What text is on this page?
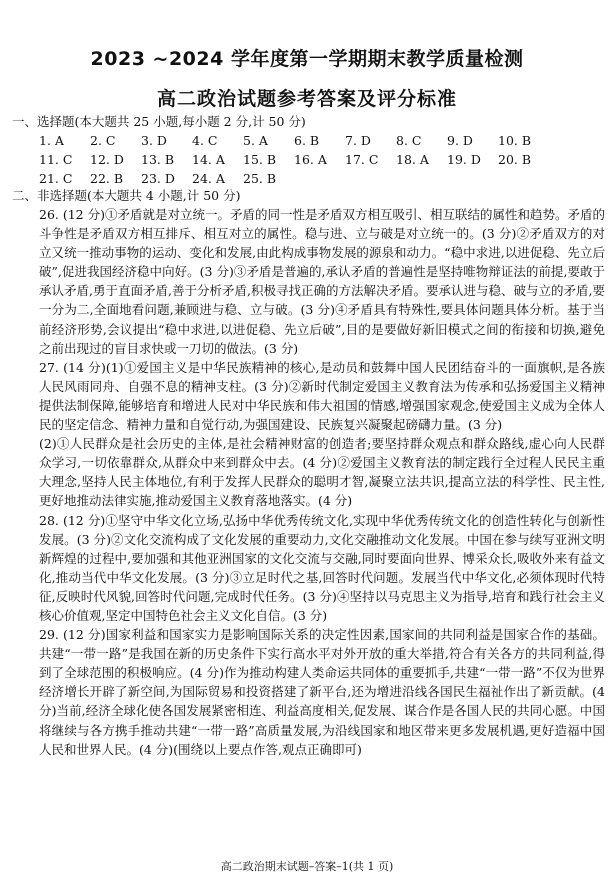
2023 ~2024 学年度第一学期期末教学质量检测
高二政治试题参考答案及评分标准
一、选择题(本大题共 25 小题,每小题 2 分,计 50 分)
1. A	2. C	3. D	4. C	5. A	6. B	7. D	8. C	9. D	10. B
11. C	12. D	13. B	14. A	15. B	16. A	17. C	18. A	19. D	20. B
21. C	22. B	23. D	24. A	25. B
二、非选择题(本大题共 4 小题,计 50 分)

26. (12 分)①矛盾就是对立统一。矛盾的同一性是矛盾双方相互吸引、相互联结的属性和趋势。矛盾的斗争性是矛盾双方相互排斥、相互对立的属性。稳与进、立与破是对立统一的。(3 分)②矛盾双方的对立又统一推动事物的运动、变化和发展,由此构成事物发展的源泉和动力。“稳中求进,以进促稳、先立后破”,促进我国经济稳中向好。(3 分)③矛盾是普遍的,承认矛盾的普遍性是坚持唯物辩证法的前提,要敢于承认矛盾,勇于直面矛盾,善于分析矛盾,积极寻找正确的方法解决矛盾。要承认进与稳、破与立的矛盾,要一分为二,全面地看问题,兼顾进与稳、立与破。(3 分)④矛盾具有特殊性,要具体问题具体分析。基于当前经济形势,会议提出“稳中求进,以进促稳、先立后破”,目的是要做好新旧模式之间的衔接和切换,避免之前出现过的盲目求快或一刀切的做法。(3 分)

27. (14 分)(1)①爱国主义是中华民族精神的核心,是动员和鼓舞中国人民团结奋斗的一面旗帜,是各族人民风雨同舟、自强不息的精神支柱。(3 分)②新时代制定爱国主义教育法为传承和弘扬爱国主义精神提供法制保障,能够培育和增进人民对中华民族和伟大祖国的情感,增强国家观念,使爱国主义成为全体人民的坚定信念、精神力量和自觉行动,为强国建设、民族复兴凝聚起磅礴力量。(3 分)

(2)①人民群众是社会历史的主体,是社会精神财富的创造者;要坚持群众观点和群众路线,虚心向人民群众学习,一切依靠群众,从群众中来到群众中去。(4 分)②爱国主义教育法的制定践行全过程人民民主重大理念,坚持人民主体地位,有利于发挥人民群众的聪明才智,凝聚立法共识,提高立法的科学性、民主性,更好地推动法律实施,推动爱国主义教育落地落实。(4 分)

28. (12 分)①坚守中华文化立场,弘扬中华优秀传统文化,实现中华优秀传统文化的创造性转化与创新性发展。(3 分)②文化交流构成了文化发展的重要动力,文化交融推动文化发展。中国在参与续写亚洲文明新辉煌的过程中,要加强和其他亚洲国家的文化交流与交融,同时要面向世界、博采众长,吸收外来有益文化,推动当代中华文化发展。(3 分)③立足时代之基,回答时代问题。发展当代中华文化,必须体现时代特征,反映时代风貌,回答时代问题,完成时代任务。(3 分)④坚持以马克思主义为指导,培育和践行社会主义核心价值观,坚定中国特色社会主义文化自信。(3 分)

29. (12 分)国家利益和国家实力是影响国际关系的决定性因素,国家间的共同利益是国家合作的基础。共建“一带一路”是我国在新的历史条件下实行高水平对外开放的重大举措,符合有关各方的共同利益,得到了全球范围的积极响应。(4 分)作为推动构建人类命运共同体的重要抓手,共建“一带一路”不仅为世界经济增长开辟了新空间,为国际贸易和投资搭建了新平台,还为增进沿线各国民生福祉作出了新贡献。(4 分)当前,经济全球化使各国发展紧密相连、利益高度相关,促发展、谋合作是各国人民的共同心愿。中国将继续与各方携手推动共建“一带一路”高质量发展,为沿线国家和地区带来更多发展机遇,更好造福中国人民和世界人民。(4 分)(围绕以上要点作答,观点正确即可)

高二政治期末试题–答案–1(共 1 页)
